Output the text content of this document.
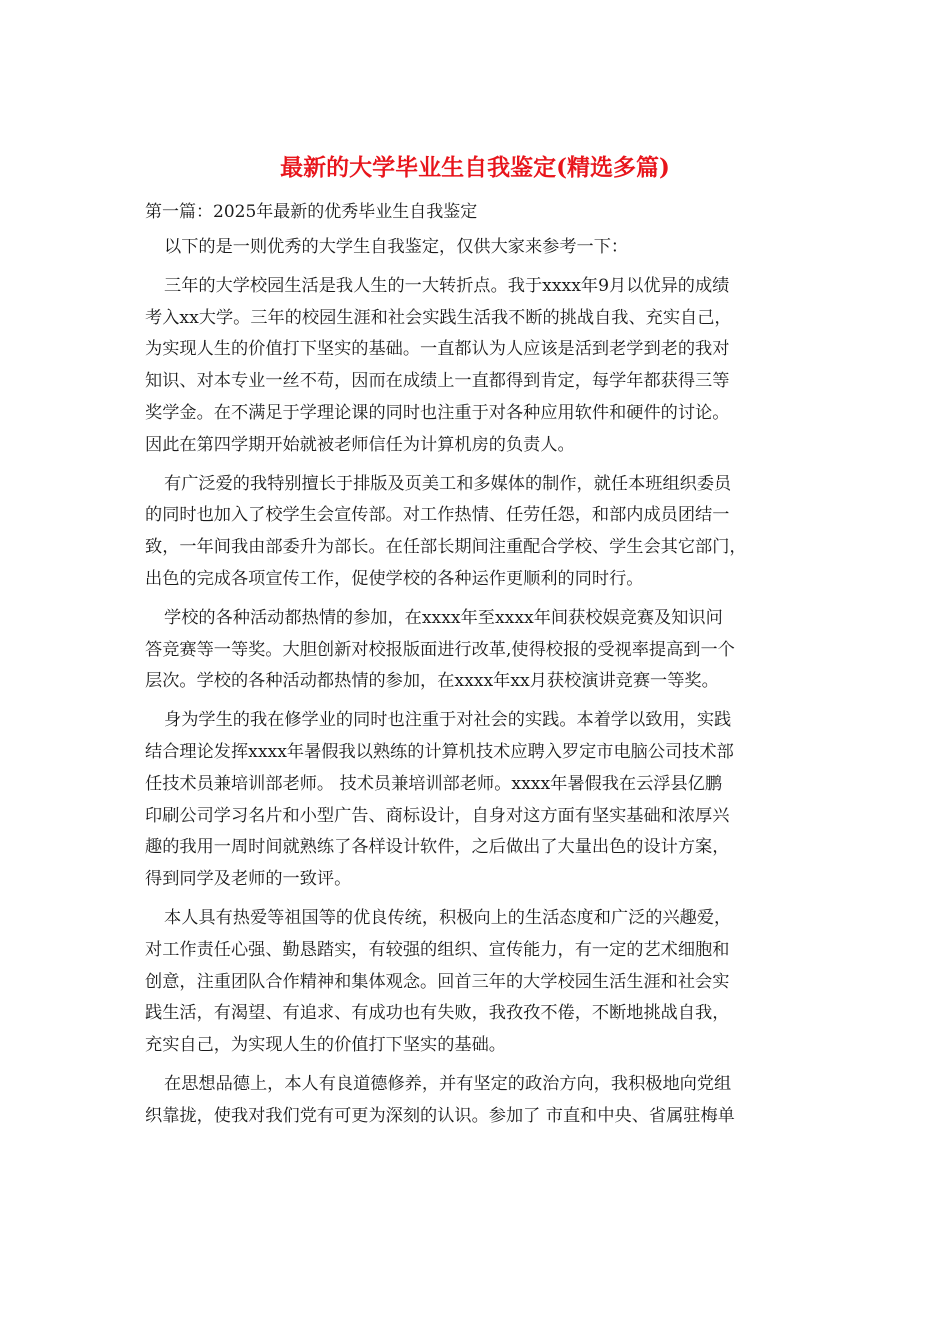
最新的大学毕业生自我鉴定(精选多篇)
第一篇：2025年最新的优秀毕业生自我鉴定
以下的是一则优秀的大学生自我鉴定，仅供大家来参考一下：
三年的大学校园生活是我人生的一大转折点。我于xxxx年9月以优异的成绩
考入xx大学。三年的校园生涯和社会实践生活我不断的挑战自我、充实自己，
为实现人生的价值打下坚实的基础。一直都认为人应该是活到老学到老的我对
知识、对本专业一丝不苟，因而在成绩上一直都得到肯定，每学年都获得三等
奖学金。在不满足于学理论课的同时也注重于对各种应用软件和硬件的讨论。
因此在第四学期开始就被老师信任为计算机房的负责人。
有广泛爱的我特别擅长于排版及页美工和多媒体的制作，就任本班组织委员
的同时也加入了校学生会宣传部。对工作热情、任劳任怨，和部内成员团结一
致，一年间我由部委升为部长。在任部长期间注重配合学校、学生会其它部门，
出色的完成各项宣传工作，促使学校的各种运作更顺利的同时行。
学校的各种活动都热情的参加，在xxxx年至xxxx年间获校娱竞赛及知识问
答竞赛等一等奖。大胆创新对校报版面进行改革,使得校报的受视率提高到一个
层次。学校的各种活动都热情的参加，在xxxx年xx月获校演讲竞赛一等奖。
身为学生的我在修学业的同时也注重于对社会的实践。本着学以致用，实践
结合理论发挥xxxx年暑假我以熟练的计算机技术应聘入罗定市电脑公司技术部
任技术员兼培训部老师。 技术员兼培训部老师。xxxx年暑假我在云浮县亿鹏
印刷公司学习名片和小型广告、商标设计，自身对这方面有坚实基础和浓厚兴
趣的我用一周时间就熟练了各样设计软件，之后做出了大量出色的设计方案，
得到同学及老师的一致评。
本人具有热爱等祖国等的优良传统，积极向上的生活态度和广泛的兴趣爱，
对工作责任心强、勤恳踏实，有较强的组织、宣传能力，有一定的艺术细胞和
创意，注重团队合作精神和集体观念。回首三年的大学校园生活生涯和社会实
践生活，有渴望、有追求、有成功也有失败，我孜孜不倦，不断地挑战自我，
充实自己，为实现人生的价值打下坚实的基础。
在思想品德上，本人有良道德修养，并有坚定的政治方向，我积极地向党组
织靠拢，使我对我们党有可更为深刻的认识。参加了 市直和中央、省属驻梅单
